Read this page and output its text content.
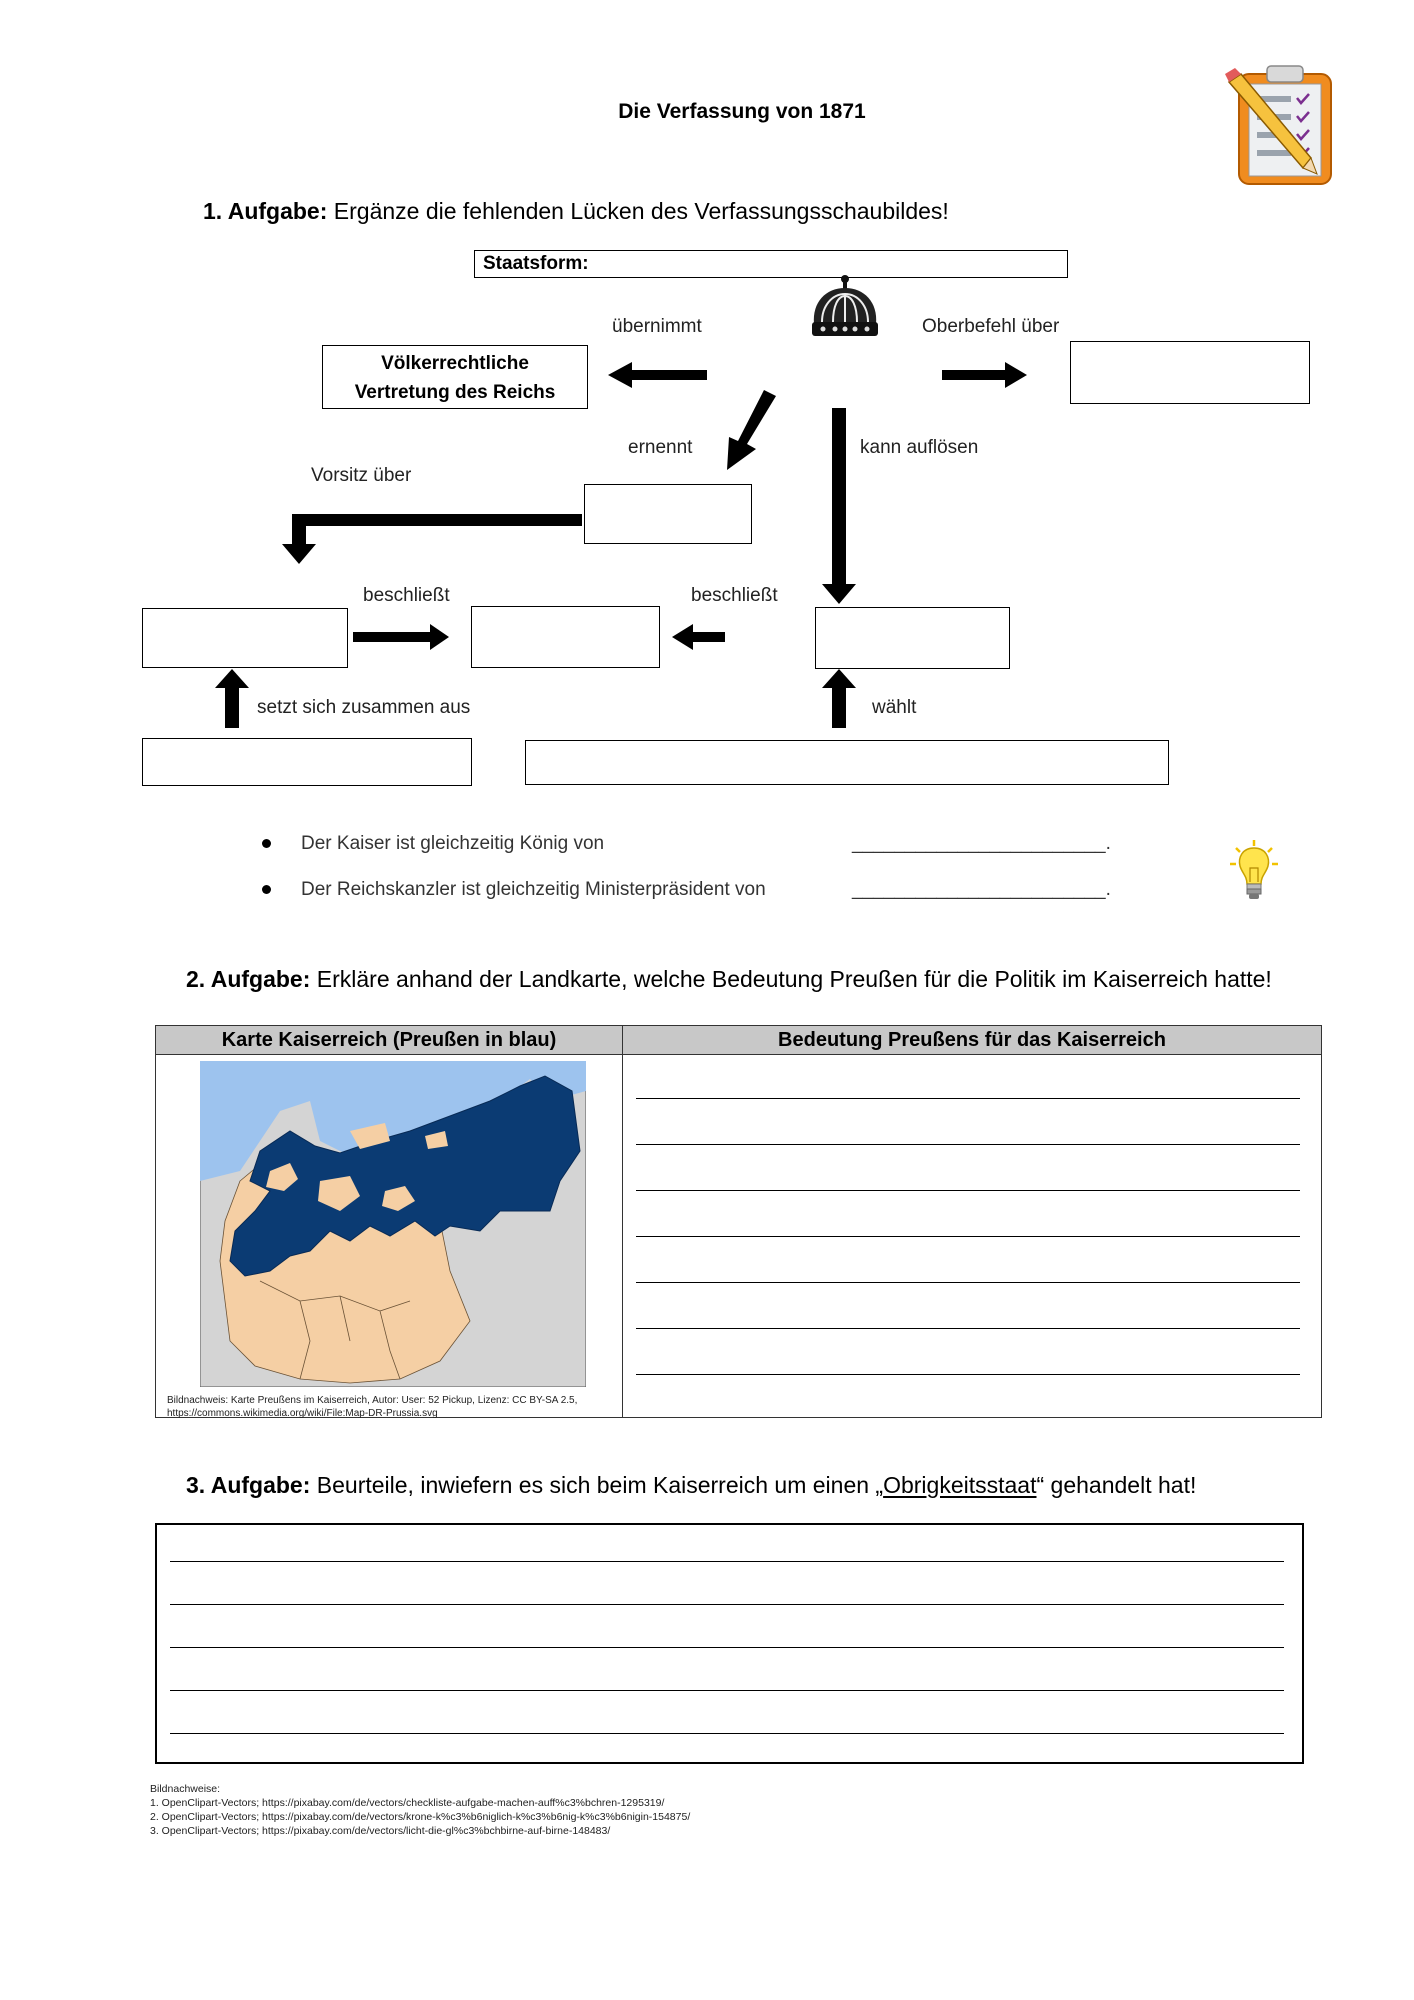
Die Verfassung von 1871
1. Aufgabe: Ergänze die fehlenden Lücken des Verfassungsschaubildes!
Staatsform:
übernimmt	Oberbefehl über
Völkerrechtliche
Vertretung des Reichs
ernennt	kann auflösen
Vorsitz über
beschließt	beschließt
setzt sich zusammen aus	wählt
Der Kaiser ist gleichzeitig König von	________________________.
Der Reichskanzler ist gleichzeitig Ministerpräsident von	________________________.
2. Aufgabe: Erkläre anhand der Landkarte, welche Bedeutung Preußen für die Politik im Kaiserreich hatte!
Karte Kaiserreich (Preußen in blau)	Bedeutung Preußens für das Kaiserreich

Bildnachweis: Karte Preußens im Kaiserreich, Autor: User: 52 Pickup, Lizenz: CC BY-SA 2.5,
https://commons.wikimedia.org/wiki/File:Map-DR-Prussia.svg
3. Aufgabe: Beurteile, inwiefern es sich beim Kaiserreich um einen „Obrigkeitsstaat“ gehandelt hat!
Bildnachweise:
1. OpenClipart-Vectors; https://pixabay.com/de/vectors/checkliste-aufgabe-machen-auff%c3%bchren-1295319/
2. OpenClipart-Vectors; https://pixabay.com/de/vectors/krone-k%c3%b6niglich-k%c3%b6nig-k%c3%b6nigin-154875/
3. OpenClipart-Vectors; https://pixabay.com/de/vectors/licht-die-gl%c3%bchbirne-auf-birne-148483/
